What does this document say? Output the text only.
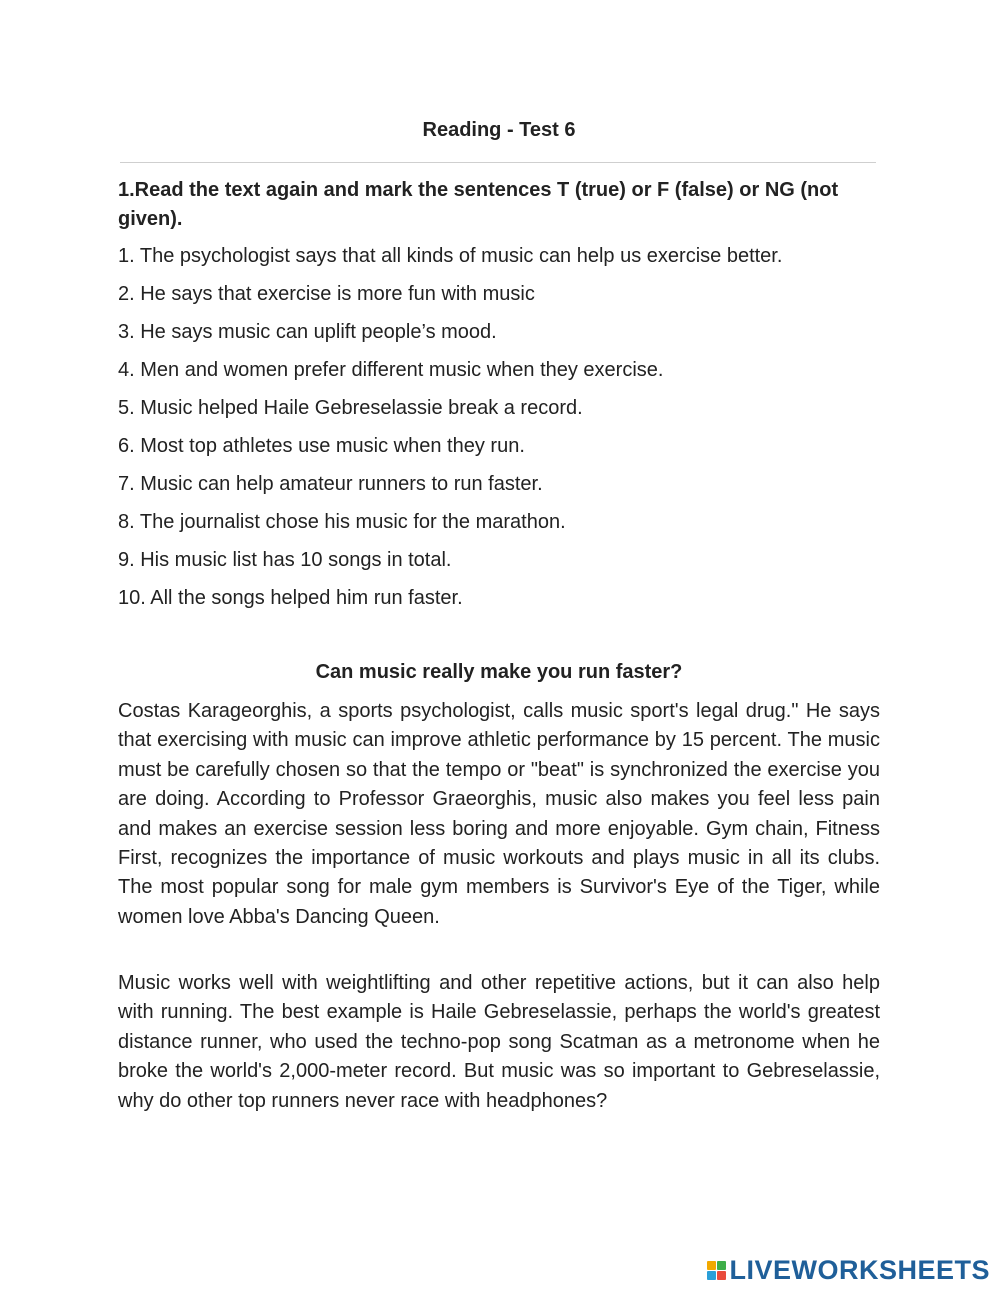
Reading - Test 6
1.Read the text again and mark the sentences T (true) or F (false) or NG (not given).
1. The psychologist says that all kinds of music can help us exercise better.
2. He says that exercise is more fun with music
3. He says music can uplift people’s mood.
4. Men and women prefer different music when they exercise.
5. Music helped Haile Gebreselassie break a record.
6. Most top athletes use music when they run.
7. Music can help amateur runners to run faster.
8. The journalist chose his music for the marathon.
9. His music list has 10 songs in total.
10. All the songs helped him run faster.
Can music really make you run faster?

Costas Karageorghis, a sports psychologist, calls music sport's legal drug." He says that exercising with music can improve athletic performance by 15 percent. The music must be carefully chosen so that the tempo or "beat" is synchronized the exercise you are doing. According to Professor Graeorghis, music also makes you feel less pain and makes an exercise session less boring and more enjoyable. Gym chain, Fitness First, recognizes the importance of music workouts and plays music in all its clubs. The most popular song for male gym members is Survivor's Eye of the Tiger, while women love Abba's Dancing Queen.

Music works well with weightlifting and other repetitive actions, but it can also help with running. The best example is Haile Gebreselassie, perhaps the world's greatest distance runner, who used the techno-pop song Scatman as a metronome when he broke the world's 2,000-meter record. But music was so important to Gebreselassie, why do other top runners never race with headphones?

LIVEWORKSHEETS
